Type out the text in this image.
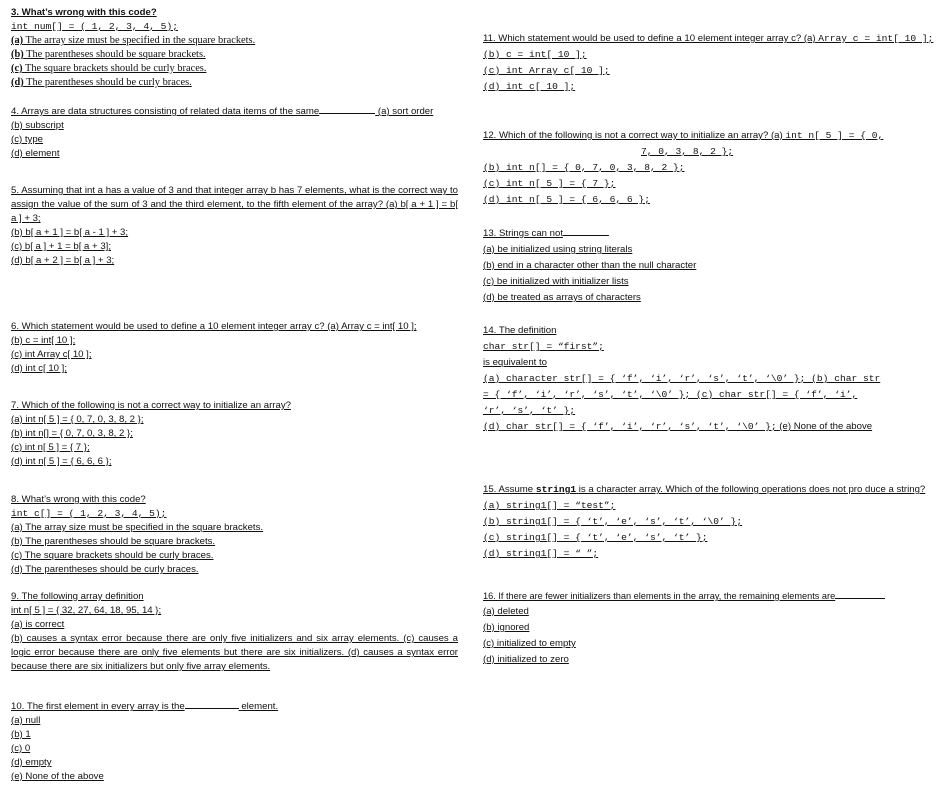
3. What’s wrong with this code?
int num[] = ( 1, 2, 3, 4, 5);
(a) The array size must be specified in the square brackets.
(b) The parentheses should be square brackets.
(c) The square brackets should be curly braces.
(d) The parentheses should be curly braces.
4. Arrays are data structures consisting of related data items of the same	(a) sort order
(b) subscript
(c) type
(d) element
5. Assuming that int a has a value of 3 and that integer array b has 7 elements, what is the correct way to assign the value of the sum of 3 and the third element, to the fifth element of the array? (a) b[ a + 1 ] = b[ a ] + 3;
(b) b[ a + 1 ] = b[ a - 1 ] + 3;
(c) b[ a ] + 1 = b[ a + 3];
(d) b[ a + 2 ] = b[ a ] + 3;
6. Which statement would be used to define a 10 element integer array c? (a) Array c = int[ 10 ];
(b) c = int[ 10 ];
(c) int Array c[ 10 ];
(d) int c[ 10 ];
7. Which of the following is not a correct way to initialize an array?
(a) int n[ 5 ] = { 0, 7, 0, 3, 8, 2 };
(b) int n[] = { 0, 7, 0, 3, 8, 2 };
(c) int n[ 5 ] = { 7 };
(d) int n[ 5 ] = { 6, 6, 6 };
8. What’s wrong with this code?
int c[] = ( 1, 2, 3, 4, 5);
(a) The array size must be specified in the square brackets.
(b) The parentheses should be square brackets.
(c) The square brackets should be curly braces.
(d) The parentheses should be curly braces.
9. The following array definition
int n[ 5 ] = { 32, 27, 64, 18, 95, 14 };
(a) is correct
(b) causes a syntax error because there are only five initializers and six array elements. (c) causes a logic error because there are only five elements but there are six initializers. (d) causes a syntax error because there are six initializers but only five array elements.
10. The first element in every array is the	element.
(a) null
(b) 1
(c) 0
(d) empty
(e) None of the above
11. Which statement would be used to define a 10 element integer array c? (a) Array c = int[ 10 ];
(b) c = int[ 10 ];
(c) int Array c[ 10 ];
(d) int c[ 10 ];
12. Which of the following is not a correct way to initialize an array? (a) int n[ 5 ] = { 0,
7, 0, 3, 8, 2 };
(b) int n[] = { 0, 7, 0, 3, 8, 2 };
(c) int n[ 5 ] = { 7 };
(d) int n[ 5 ] = { 6, 6, 6 };
13. Strings can not
(a) be initialized using string literals
(b) end in a character other than the null character
(c) be initialized with initializer lists
(d) be treated as arrays of characters
14. The definition
char str[] = “first”;
is equivalent to
(a) character str[] = { ‘f’, ‘i’, ‘r’, ‘s’, ‘t’, ‘\0’ }; (b) char str
= { ‘f’, ‘i’, ‘r’, ‘s’, ‘t’, ‘\0’ }; (c) char str[] = { ‘f’, ‘i’,
‘r’, ‘s’, ‘t’ };
(d) char str[] = { ‘f’, ‘i’, ‘r’, ‘s’, ‘t’, ‘\0’ }; (e) None of the above
15. Assume string1 is a character array. Which of the following operations does not pro duce a string?
(a) string1[] = “test”;
(b) string1[] = { ‘t’, ‘e’, ‘s’, ‘t’, ‘\0’ };
(c) string1[] = { ‘t’, ‘e’, ‘s’, ‘t’ };
(d) string1[] = “ ”;
16. If there are fewer initializers than elements in the array, the remaining elements are
(a) deleted
(b) ignored
(c) initialized to empty
(d) initialized to zero
